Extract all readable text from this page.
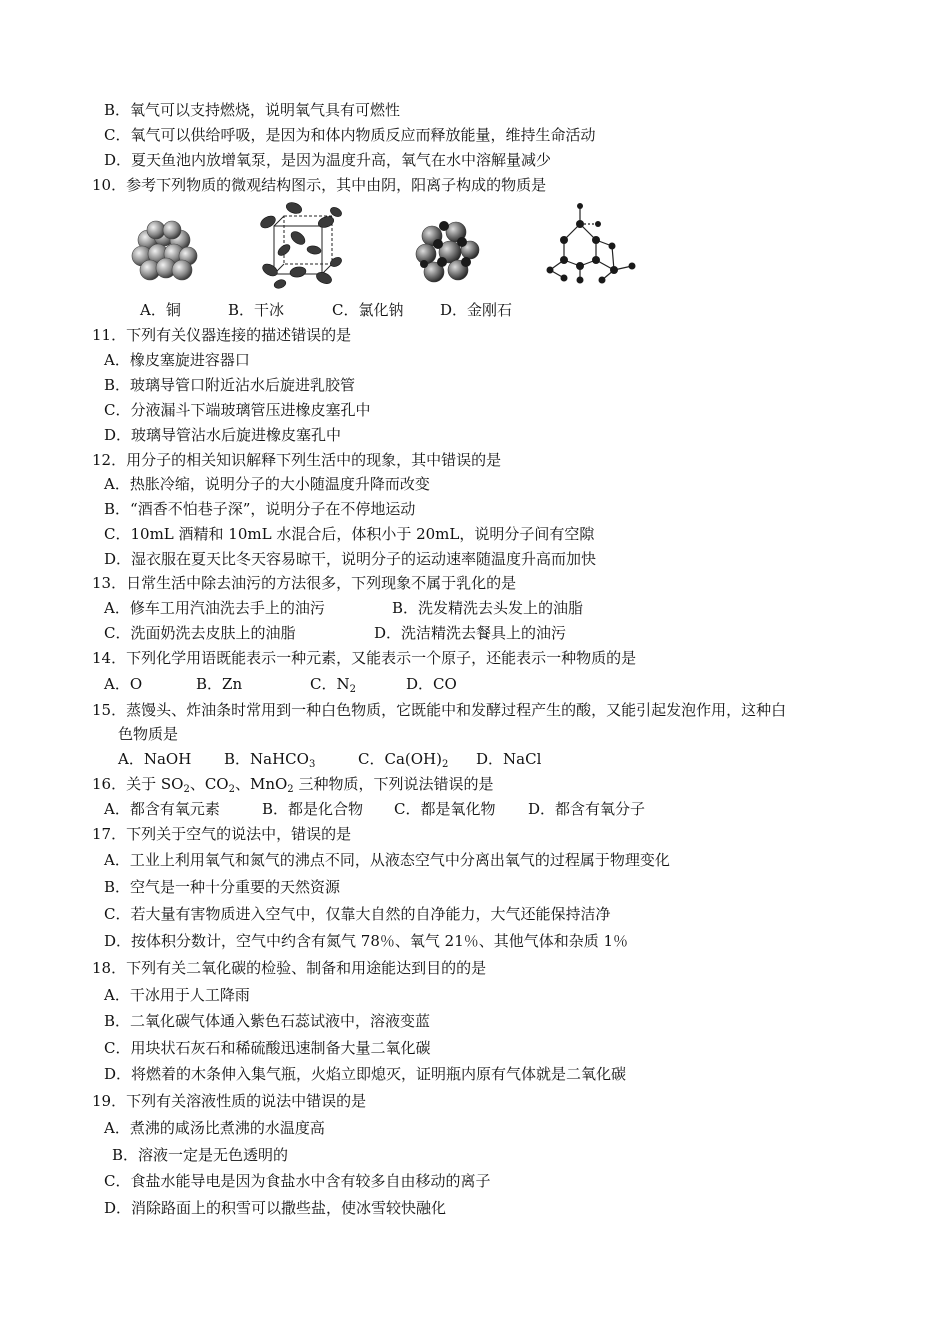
B．氧气可以支持燃烧，说明氧气具有可燃性
C．氧气可以供给呼吸，是因为和体内物质反应而释放能量，维持生命活动
D．夏天鱼池内放增氧泵，是因为温度升高，氧气在水中溶解量减少
10．参考下列物质的微观结构图示，其中由阴，阳离子构成的物质是
A．铜	B．干冰	C．氯化钠 D．金刚石
11．下列有关仪器连接的描述错误的是
A．橡皮塞旋进容器口
B．玻璃导管口附近沾水后旋进乳胶管
C．分液漏斗下端玻璃管压进橡皮塞孔中
D．玻璃导管沾水后旋进橡皮塞孔中
12．用分子的相关知识解释下列生活中的现象，其中错误的是
A．热胀冷缩，说明分子的大小随温度升降而改变
B．“酒香不怕巷子深”，说明分子在不停地运动
C．10mL 酒精和 10mL 水混合后，体积小于 20mL，说明分子间有空隙
D．湿衣服在夏天比冬天容易晾干，说明分子的运动速率随温度升高而加快
13．日常生活中除去油污的方法很多，下列现象不属于乳化的是
A．修车工用汽油洗去手上的油污	B．洗发精洗去头发上的油脂
C．洗面奶洗去皮肤上的油脂	D．洗洁精洗去餐具上的油污
14．下列化学用语既能表示一种元素，又能表示一个原子，还能表示一种物质的是
A．O	B．Zn	C．$N_2$	D．CO
15．蒸馒头、炸油条时常用到一种白色物质，它既能中和发酵过程产生的酸，又能引起发泡作用，这种白
色物质是
A．NaOH B．NaHCO$_3$	C．$Ca(OH)_2$ D．NaCl
16．关于 $SO_2$、$CO_2$、MnO$_2$ 三种物质，下列说法错误的是
A．都含有氧元素	B．都是化合物 C．都是氧化物 D．都含有氧分子
17．下列关于空气的说法中，错误的是
A．工业上利用氧气和氮气的沸点不同，从液态空气中分离出氧气的过程属于物理变化
B．空气是一种十分重要的天然资源
C．若大量有害物质进入空气中，仅靠大自然的自净能力，大气还能保持洁净
D．按体积分数计，空气中约含有氮气 78％、氧气 21％、其他气体和杂质 1％
18．下列有关二氧化碳的检验、制备和用途能达到目的的是
A．干冰用于人工降雨
B．二氧化碳气体通入紫色石蕊试液中，溶液变蓝
C．用块状石灰石和稀硫酸迅速制备大量二氧化碳
D．将燃着的木条伸入集气瓶，火焰立即熄灭，证明瓶内原有气体就是二氧化碳
19．下列有关溶液性质的说法中错误的是
A．煮沸的咸汤比煮沸的水温度高
B．溶液一定是无色透明的
C．食盐水能导电是因为食盐水中含有较多自由移动的离子
D．消除路面上的积雪可以撒些盐，使冰雪较快融化
